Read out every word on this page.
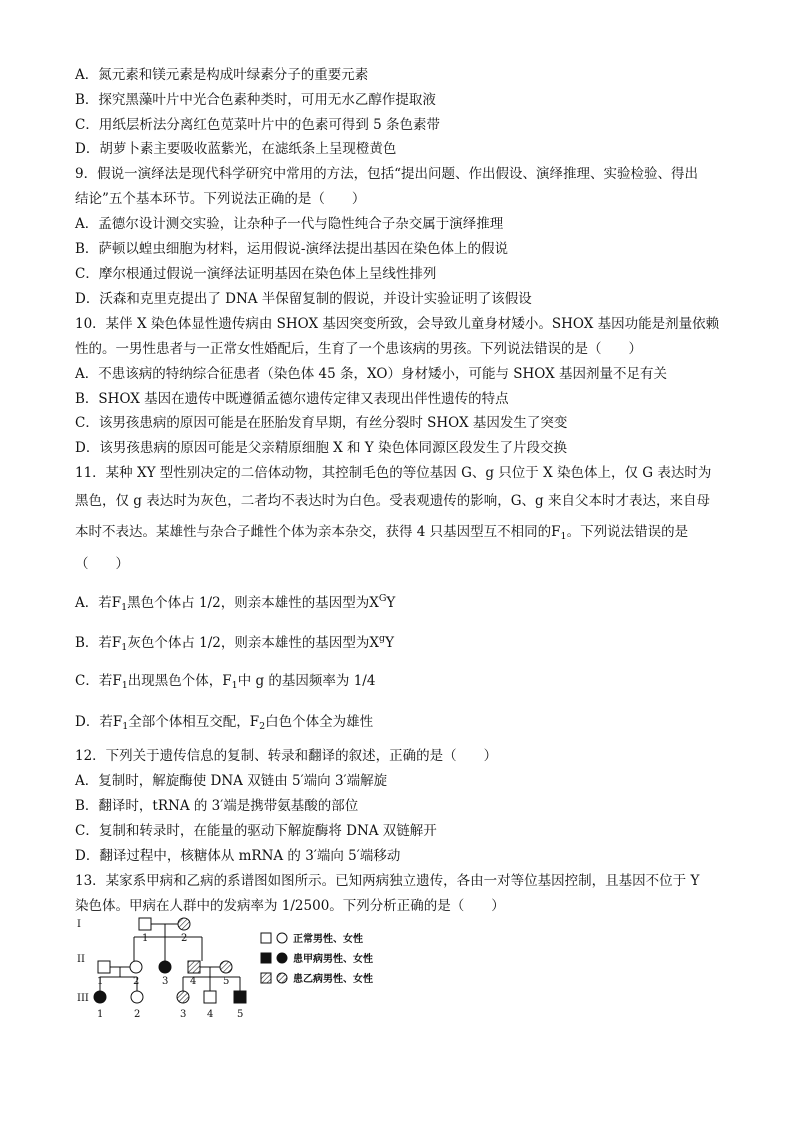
A．氮元素和镁元素是构成叶绿素分子的重要元素
B．探究黑藻叶片中光合色素种类时，可用无水乙醇作提取液
C．用纸层析法分离红色苋菜叶片中的色素可得到 5 条色素带
D．胡萝卜素主要吸收蓝紫光，在滤纸条上呈现橙黄色
9．假说一演绎法是现代科学研究中常用的方法，包括“提出问题、作出假设、演绎推理、实验检验、得出
结论”五个基本环节。下列说法正确的是（　　）
A．孟德尔设计测交实验，让杂种子一代与隐性纯合子杂交属于演绎推理
B．萨顿以蝗虫细胞为材料，运用假说-演绎法提出基因在染色体上的假说
C．摩尔根通过假说一演绎法证明基因在染色体上呈线性排列
D．沃森和克里克提出了 DNA 半保留复制的假说，并设计实验证明了该假设
10．某伴 X 染色体显性遗传病由 SHOX 基因突变所致，会导致儿童身材矮小。SHOX 基因功能是剂量依赖
性的。一男性患者与一正常女性婚配后，生育了一个患该病的男孩。下列说法错误的是（　　）
A．不患该病的特纳综合征患者（染色体 45 条，XO）身材矮小，可能与 SHOX 基因剂量不足有关
B．SHOX 基因在遗传中既遵循孟德尔遗传定律又表现出伴性遗传的特点
C．该男孩患病的原因可能是在胚胎发育早期，有丝分裂时 SHOX 基因发生了突变
D．该男孩患病的原因可能是父亲精原细胞 X 和 Y 染色体同源区段发生了片段交换
11．某种 XY 型性别决定的二倍体动物，其控制毛色的等位基因 G、g 只位于 X 染色体上，仅 G 表达时为
黑色，仅 g 表达时为灰色，二者均不表达时为白色。受表观遗传的影响，G、g 来自父本时才表达，来自母
本时不表达。某雄性与杂合子雌性个体为亲本杂交，获得 4 只基因型互不相同的$F_1$。下列说法错误的是
（　　）
A．若$F_1$黑色个体占 1/2，则亲本雄性的基因型为$X^GY$
B．若$F_1$灰色个体占 1/2，则亲本雄性的基因型为$X^gY$
C．若$F_1$出现黑色个体，$F_1$中 g 的基因频率为 1/4
D．若$F_1$全部个体相互交配，$F_2$白色个体全为雄性
12．下列关于遗传信息的复制、转录和翻译的叙述，正确的是（　　）
A．复制时，解旋酶使 DNA 双链由 5′端向 3′端解旋
B．翻译时，tRNA 的 3′端是携带氨基酸的部位
C．复制和转录时，在能量的驱动下解旋酶将 DNA 双链解开
D．翻译过程中，核糖体从 mRNA 的 3′端向 5′端移动
13．某家系甲病和乙病的系谱图如图所示。已知两病独立遗传，各由一对等位基因控制，且基因不位于 Y
染色体。甲病在人群中的发病率为 1/2500。下列分析正确的是（　　）
I
II
III
1	2
2
1	3 4	5
1	2	3 4 5
正常男性、女性
患甲病男性、女性
患乙病男性、女性
